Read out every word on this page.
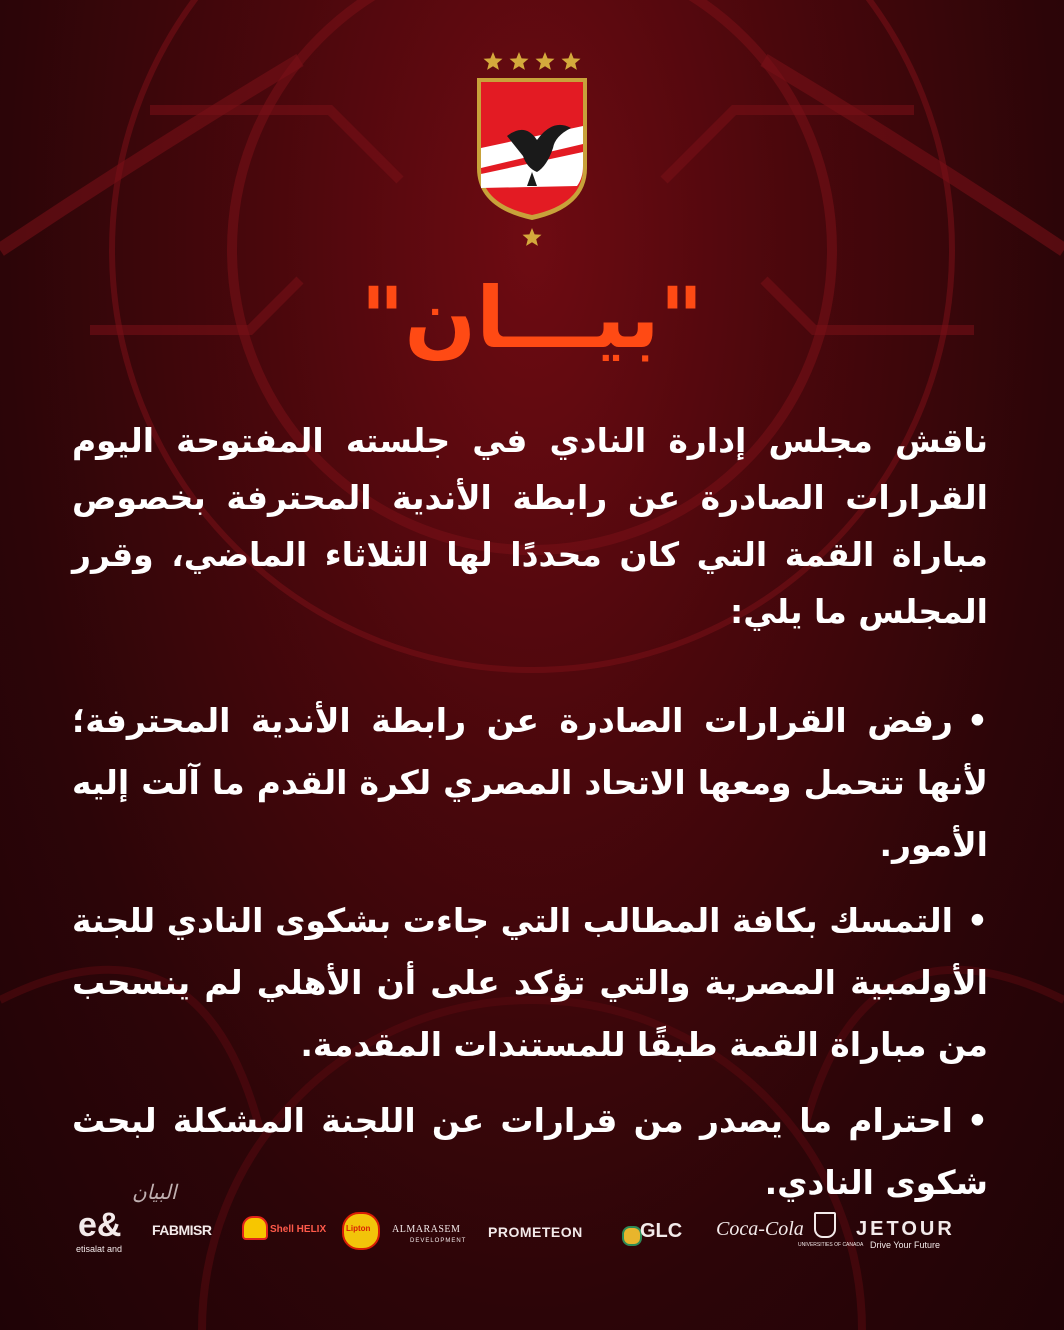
"بيـــان"

ناقش مجلس إدارة النادي في جلسته المفتوحة اليوم القرارات الصادرة عن رابطة الأندية المحترفة بخصوص مباراة القمة التي كان محددًا لها الثلاثاء الماضي، وقرر المجلس ما يلي:

•رفض القرارات الصادرة عن رابطة الأندية المحترفة؛ لأنها تتحمل ومعها الاتحاد المصري لكرة القدم ما آلت إليه الأمور.
•التمسك بكافة المطالب التي جاءت بشكوى النادي للجنة الأولمبية المصرية والتي تؤكد على أن الأهلي لم ينسحب من مباراة القمة طبقًا للمستندات المقدمة.
•احترام ما يصدر من قرارات عن اللجنة المشكلة لبحث شكوى النادي.
البيان
e&
etisalat and
FABMISR	Shell HELIX Lipton ALMARASEM
DEVELOPMENT
PROMETEON	GLC Coca-Cola
UNIVERSITIES OF CANADA
JETOUR
Drive Your Future
